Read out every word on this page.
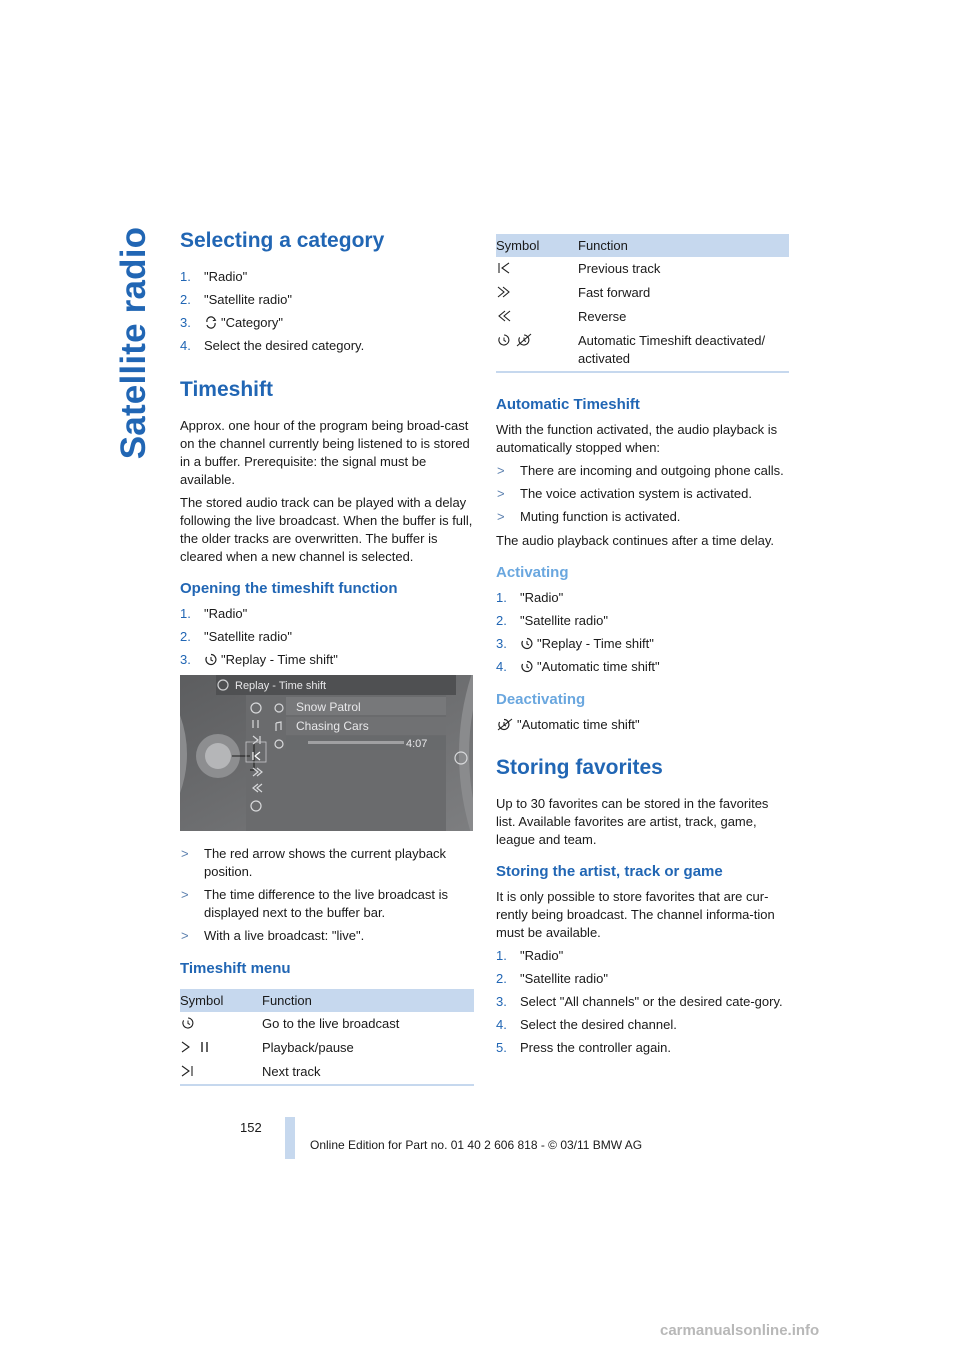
Satellite radio Selecting a category
1. "Radio"
2. "Satellite radio"
3. "Category"
4. Select the desired category.
Timeshift

Approx. one hour of the program being broad-cast on the channel currently being listened to is stored in a buffer. Prerequisite: the signal must be available.

The stored audio track can be played with a delay following the live broadcast. When the buffer is full, the older tracks are overwritten. The buffer is cleared when a new channel is selected.

Opening the timeshift function
1. "Radio"
2. "Satellite radio"
3. "Replay - Time shift"
Snow Patrol
Chasing Cars
4:07
Replay - Time shift
> The red arrow shows the current playback position.
> The time difference to the live broadcast is displayed next to the buffer bar.
> With a live broadcast: "live".
Timeshift menu
Symbol	Function
	Go to the live broadcast
	Playback/pause
	Next track
Symbol	Function
	Previous track
	Fast forward
	Reverse
	Automatic Timeshift deactivated/ activated
Automatic Timeshift

With the function activated, the audio playback is automatically stopped when:

> There are incoming and outgoing phone calls.
> The voice activation system is activated.
> Muting function is activated.

The audio playback continues after a time delay.

Activating
1. "Radio"
2. "Satellite radio"
3. "Replay - Time shift"
4. "Automatic time shift"
Deactivating

"Automatic time shift"

Storing favorites

Up to 30 favorites can be stored in the favorites list. Available favorites are artist, track, game, league and team.

Storing the artist, track or game

It is only possible to store favorites that are cur-rently being broadcast. The channel informa-tion must be available.

1. "Radio"
2. "Satellite radio"
3. Select "All channels" or the desired cate-gory.
4. Select the desired channel.
5. Press the controller again.
152
Online Edition for Part no. 01 40 2 606 818 - © 03/11 BMW AG
carmanualsonline.info
